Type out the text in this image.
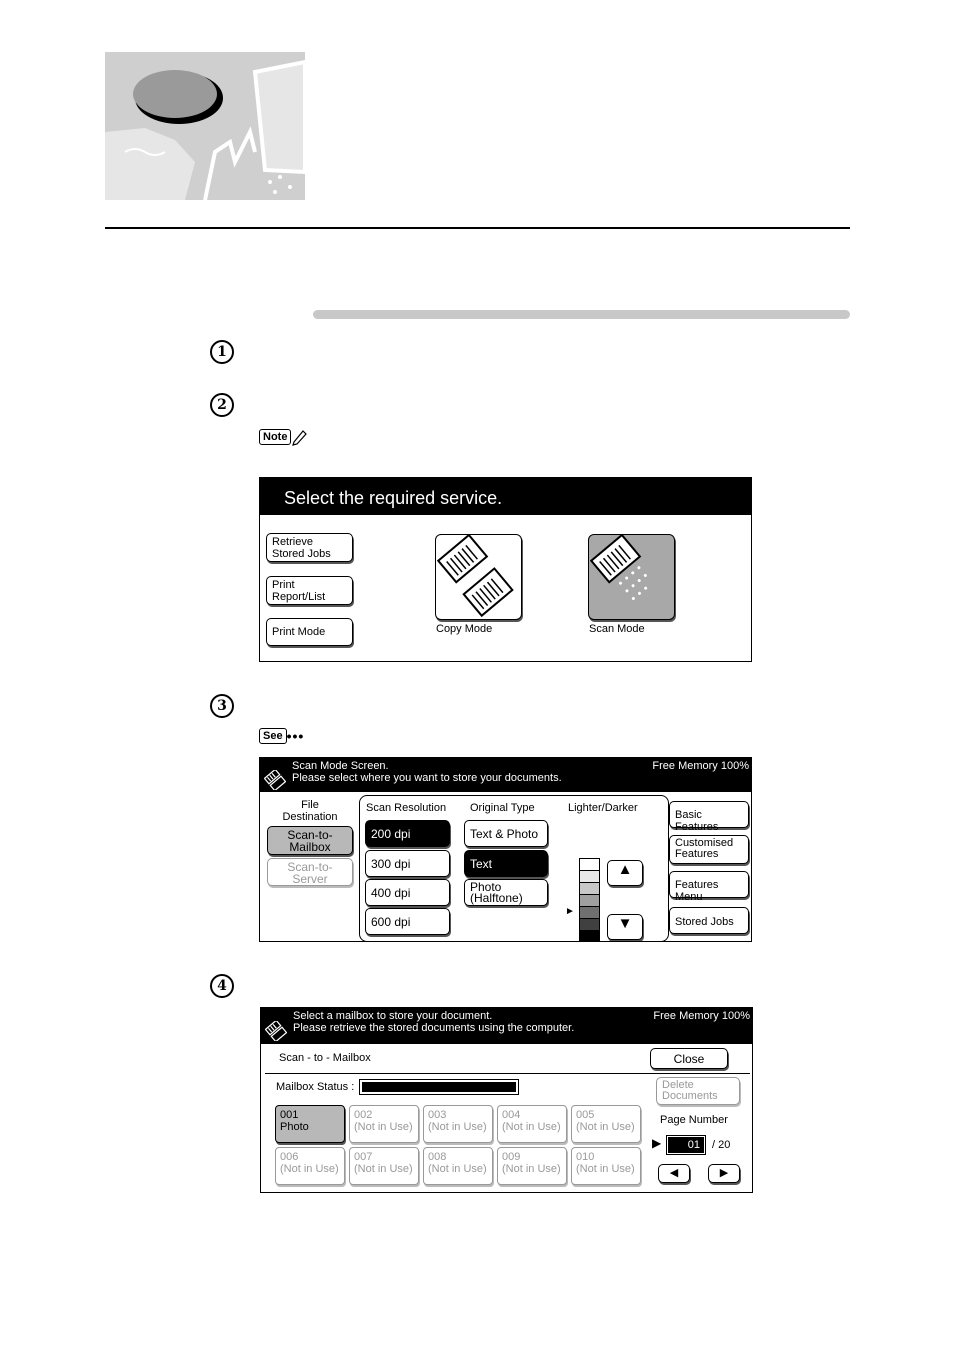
1
2
3
4
Note
See •••
Select the required service.
Retrieve
Stored Jobs
Print
Report/List
Print Mode	Copy Mode	Scan Mode
Scan Mode Screen.
Please select where you want to store your documents.
Free Memory 100%
File
Destination
Scan-to-
Mailbox
Scan-to-
Server
Scan Resolution
200 dpi
300 dpi
400 dpi
600 dpi
Original Type
Text & Photo
Text
Photo
(Halftone)
Lighter/Darker
►
▲
▼
Basic Features
Customised
Features
Features Menu
Stored Jobs
Select a mailbox to store your document.
Please retrieve the stored documents using the computer.
Free Memory 100%
Scan - to - Mailbox	Close
Mailbox Status :
001
Photo
002
(Not in Use)
003
(Not in Use)
004
(Not in Use)
005
(Not in Use)
006
(Not in Use)
007
(Not in Use)
008
(Not in Use)
009
(Not in Use)
010
(Not in Use)
Delete
Documents
Page Number
▶	01	/ 20
◀	▶
